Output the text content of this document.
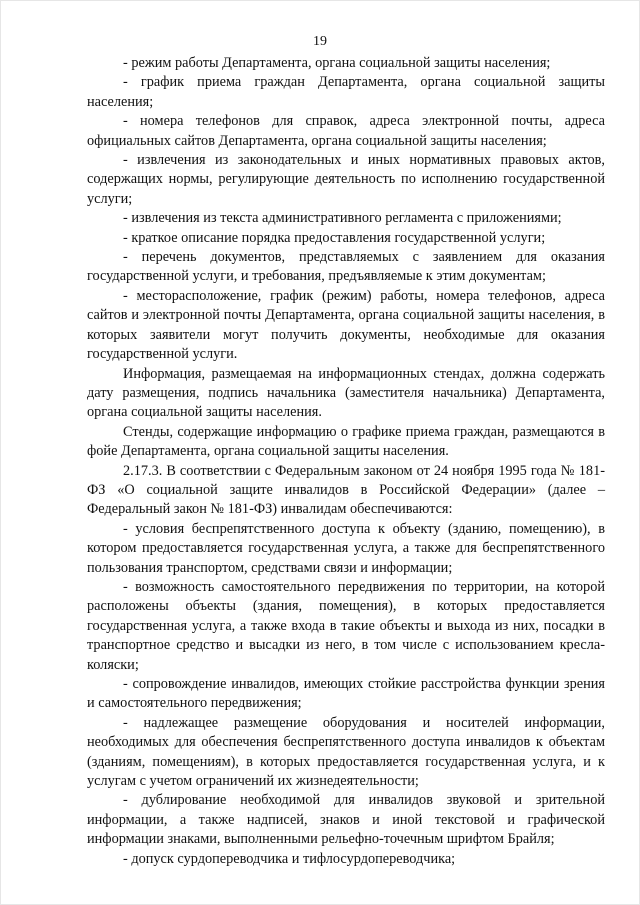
19

- режим работы Департамента, органа социальной защиты населения;

- график приема граждан Департамента, органа социальной защиты населения;

- номера телефонов для справок, адреса электронной почты, адреса официальных сайтов Департамента, органа социальной защиты населения;

- извлечения из законодательных и иных нормативных правовых актов, содержащих нормы, регулирующие деятельность по исполнению государственной услуги;

- извлечения из текста административного регламента с приложениями;

- краткое описание порядка предоставления государственной услуги;

- перечень документов, представляемых с заявлением для оказания государственной услуги, и требования, предъявляемые к этим документам;

- месторасположение, график (режим) работы, номера телефонов, адреса сайтов и электронной почты Департамента, органа социальной защиты населения, в которых заявители могут получить документы, необходимые для оказания государственной услуги.

Информация, размещаемая на информационных стендах, должна содержать дату размещения, подпись начальника (заместителя начальника) Департамента, органа социальной защиты населения.

Стенды, содержащие информацию о графике приема граждан, размещаются в фойе Департамента, органа социальной защиты населения.

2.17.3. В соответствии с Федеральным законом от 24 ноября 1995 года № 181-ФЗ «О социальной защите инвалидов в Российской Федерации» (далее – Федеральный закон № 181-ФЗ) инвалидам обеспечиваются:

- условия беспрепятственного доступа к объекту (зданию, помещению), в котором предоставляется государственная услуга, а также для беспрепятственного пользования транспортом, средствами связи и информации;

- возможность самостоятельного передвижения по территории, на которой расположены объекты (здания, помещения), в которых предоставляется государственная услуга, а также входа в такие объекты и выхода из них, посадки в транспортное средство и высадки из него, в том числе с использованием кресла-коляски;

- сопровождение инвалидов, имеющих стойкие расстройства функции зрения и самостоятельного передвижения;

- надлежащее размещение оборудования и носителей информации, необходимых для обеспечения беспрепятственного доступа инвалидов к объектам (зданиям, помещениям), в которых предоставляется государственная услуга, и к услугам с учетом ограничений их жизнедеятельности;

- дублирование необходимой для инвалидов звуковой и зрительной информации, а также надписей, знаков и иной текстовой и графической информации знаками, выполненными рельефно-точечным шрифтом Брайля;

- допуск сурдопереводчика и тифлосурдопереводчика;
